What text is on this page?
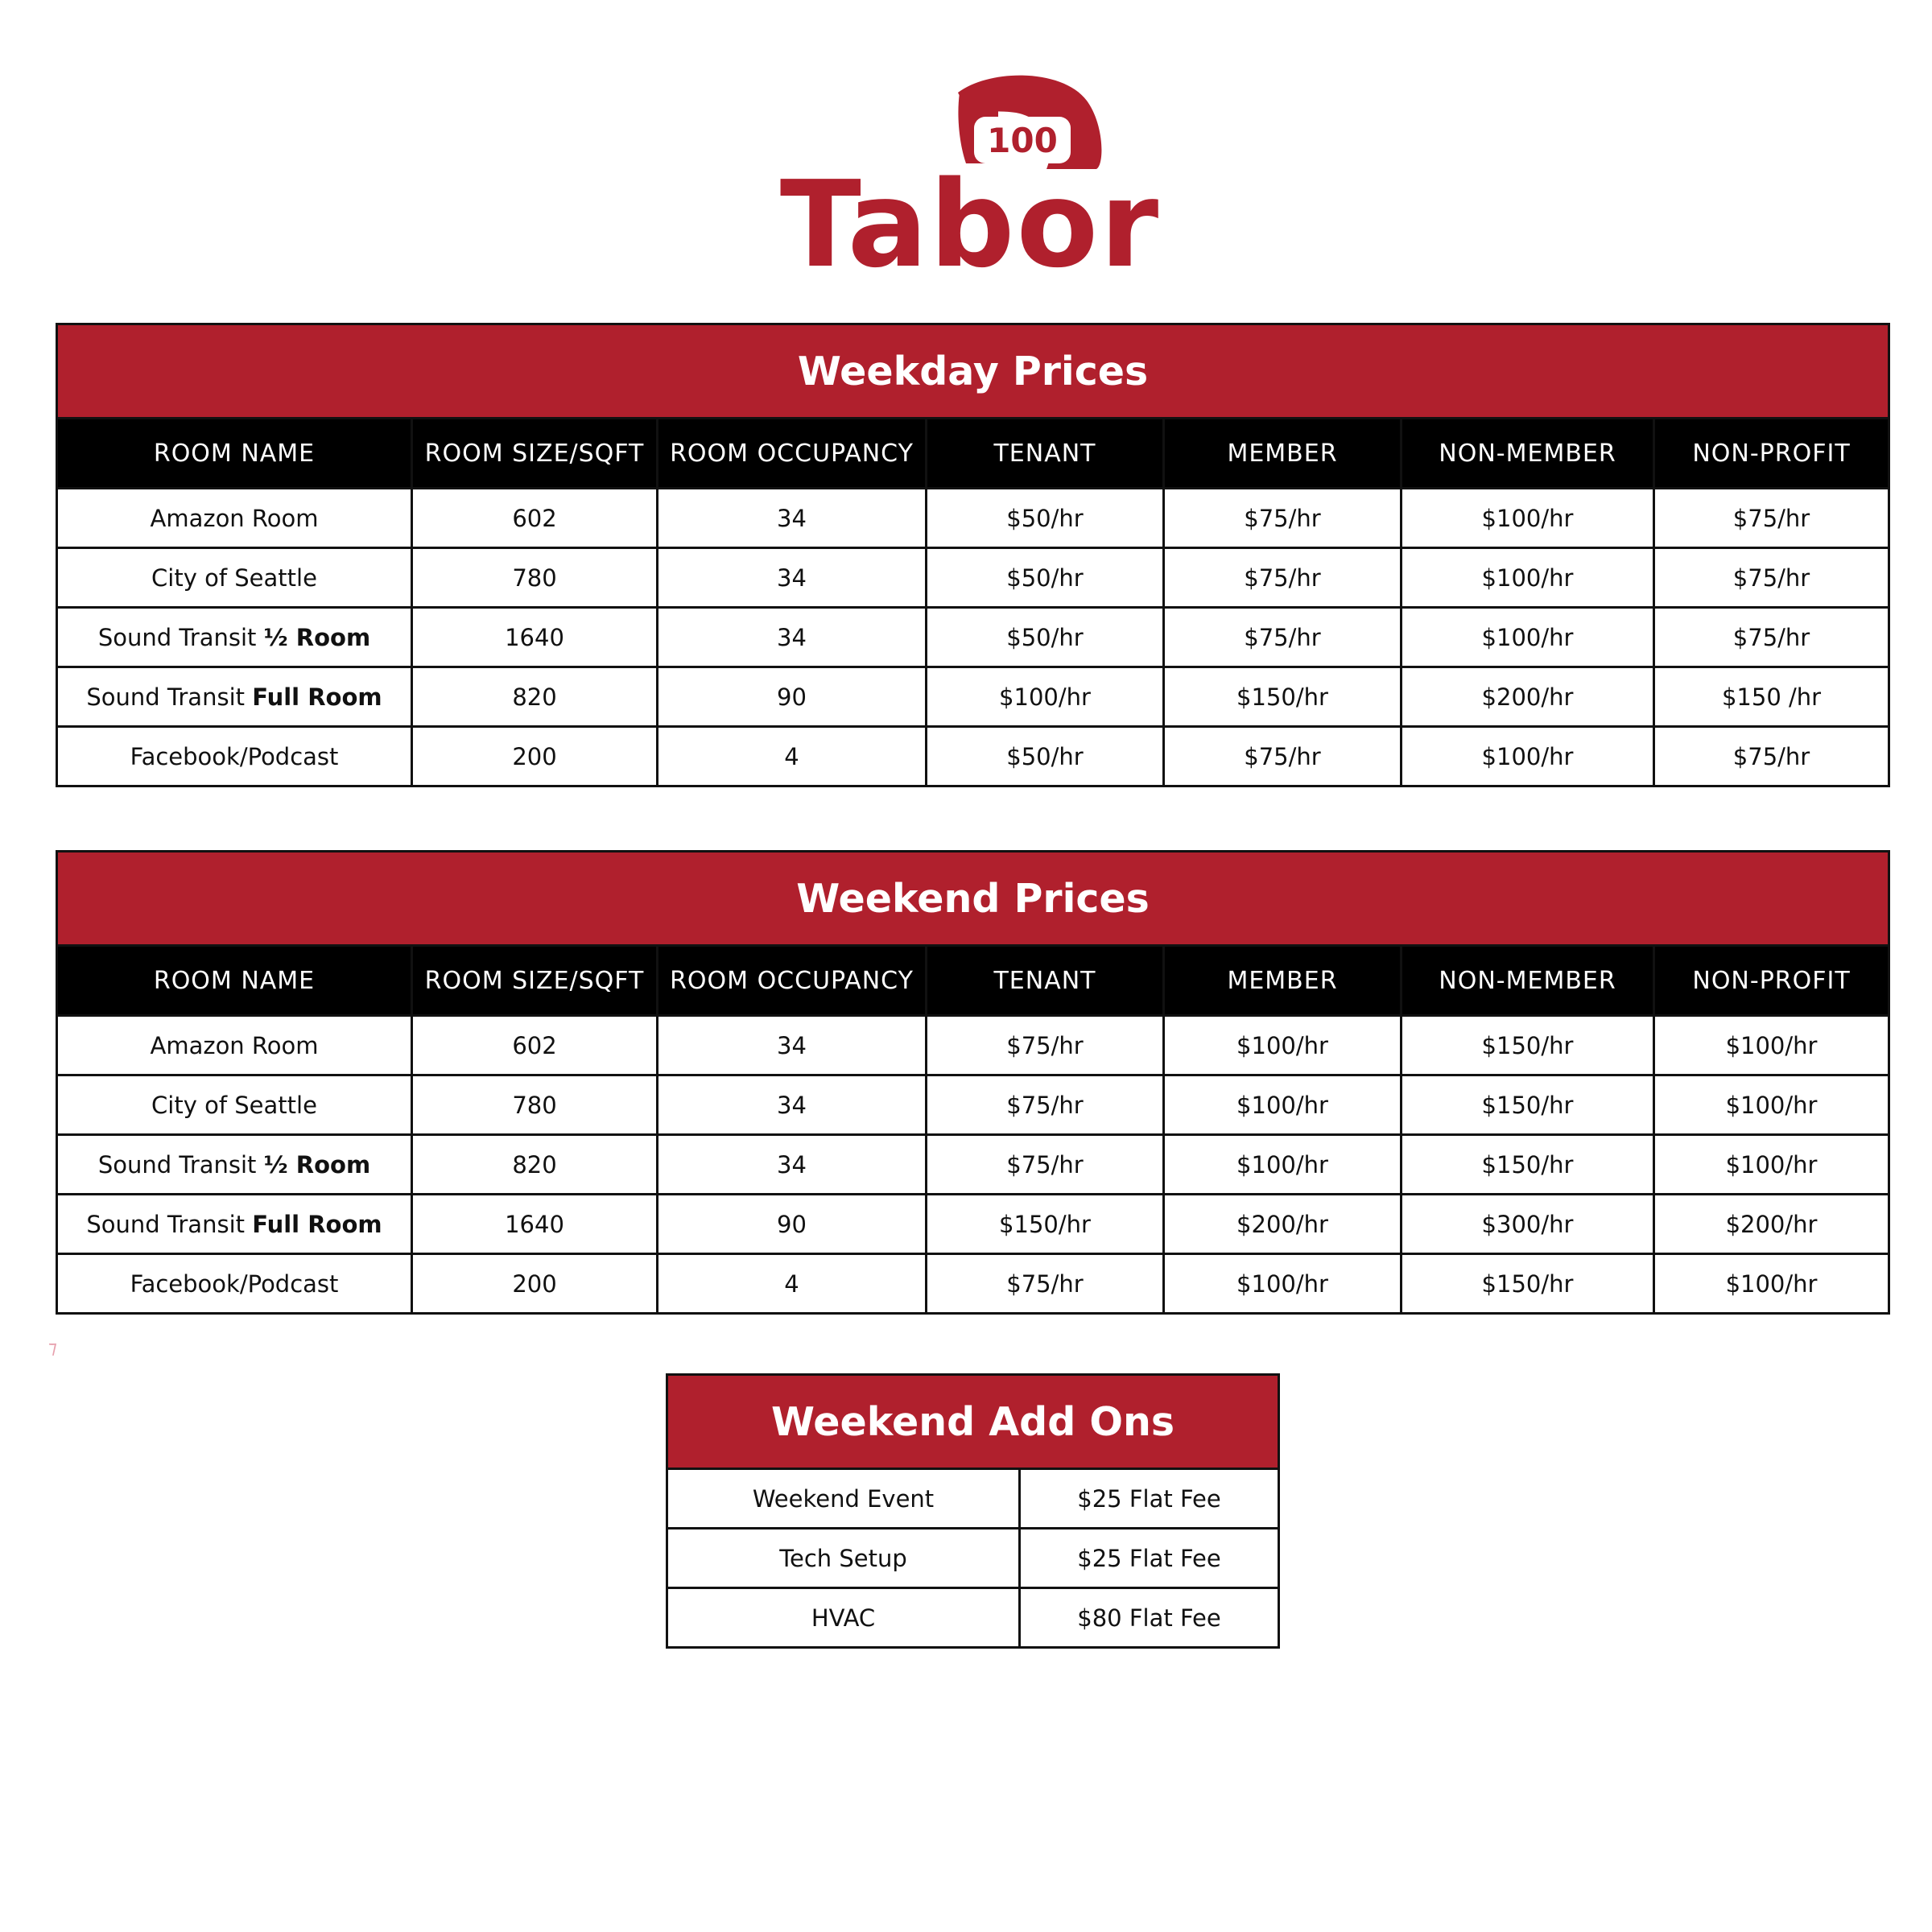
100
Tabor
Weekday Prices						
ROOM NAME	ROOM SIZE/SQFT	ROOM OCCUPANCY	TENANT	MEMBER	NON-MEMBER	NON-PROFIT
Amazon Room	602	34	$50/hr	$75/hr	$100/hr	$75/hr
City of Seattle	780	34	$50/hr	$75/hr	$100/hr	$75/hr
Sound Transit ½ Room	1640	34	$50/hr	$75/hr	$100/hr	$75/hr
Sound Transit Full Room	820	90	$100/hr	$150/hr	$200/hr	$150 /hr
Facebook/Podcast	200	4	$50/hr	$75/hr	$100/hr	$75/hr
Weekend Prices						
ROOM NAME	ROOM SIZE/SQFT	ROOM OCCUPANCY	TENANT	MEMBER	NON-MEMBER	NON-PROFIT
Amazon Room	602	34	$75/hr	$100/hr	$150/hr	$100/hr
City of Seattle	780	34	$75/hr	$100/hr	$150/hr	$100/hr
Sound Transit ½ Room	820	34	$75/hr	$100/hr	$150/hr	$100/hr
Sound Transit Full Room	1640	90	$150/hr	$200/hr	$300/hr	$200/hr
Facebook/Podcast	200	4	$75/hr	$100/hr	$150/hr	$100/hr
⁊
Weekend Add Ons	
Weekend Event	$25 Flat Fee
Tech Setup	$25 Flat Fee
HVAC	$80 Flat Fee
